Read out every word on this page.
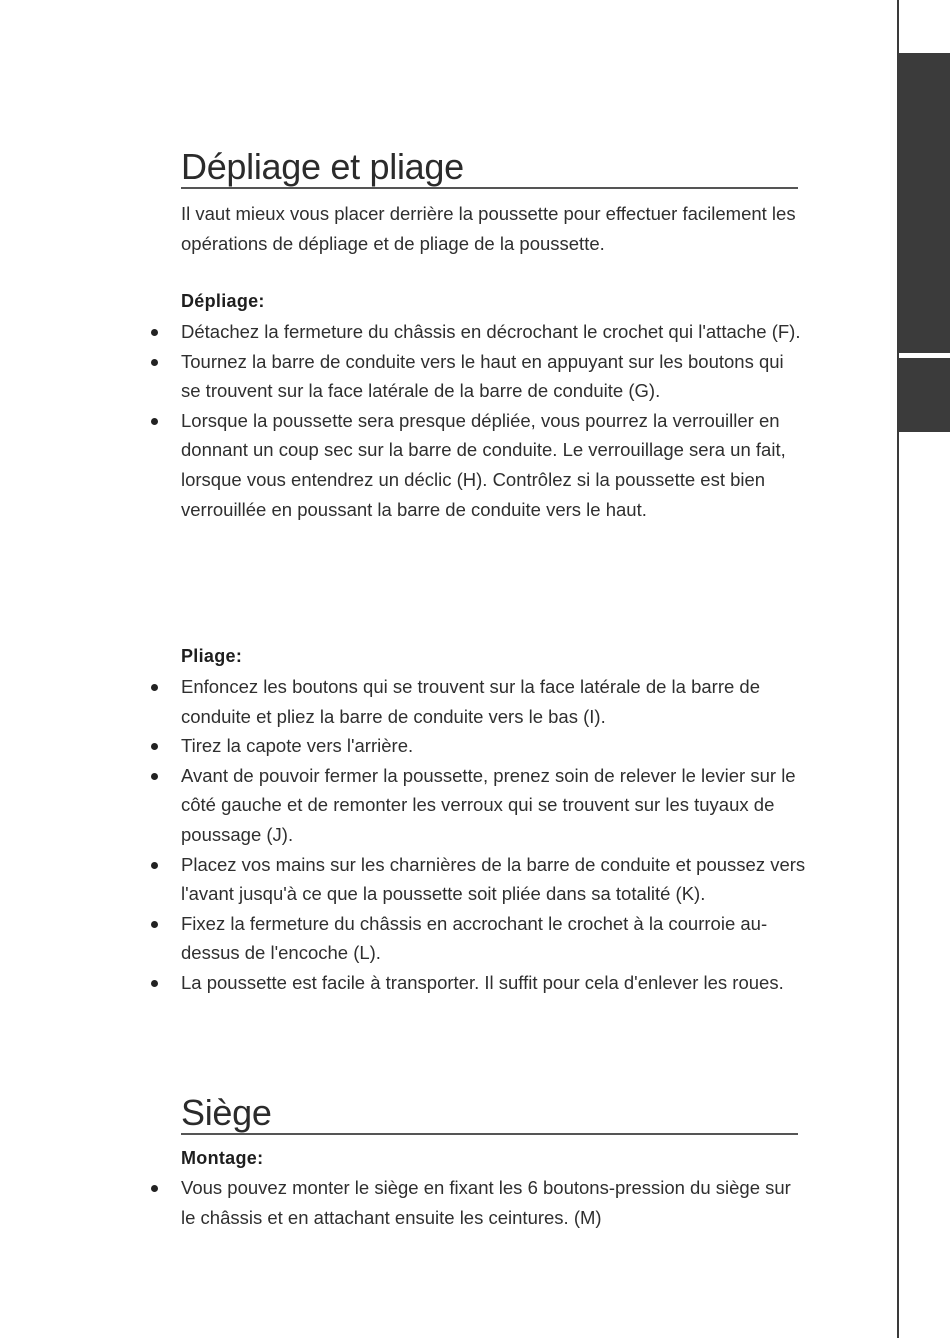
Dépliage et pliage

Il vaut mieux vous placer derrière la poussette pour effectuer facilement les opérations de dépliage et de pliage de la poussette.

Dépliage:
Détachez la fermeture du châssis en décrochant le crochet qui l'attache (F).
Tournez la barre de conduite vers le haut en appuyant sur les boutons qui se trouvent sur la face latérale de la barre de conduite (G).
Lorsque la poussette sera presque dépliée, vous pourrez la verrouiller en donnant un coup sec sur la barre de conduite. Le verrouillage sera un fait, lorsque vous entendrez un déclic (H). Contrôlez si la poussette est bien verrouillée en poussant la barre de conduite vers le haut.
Pliage:
Enfoncez les boutons qui se trouvent sur la face latérale de la barre de conduite et pliez la barre de conduite vers le bas (I).
Tirez la capote vers l'arrière.
Avant de pouvoir fermer la poussette, prenez soin de relever le levier sur le côté gauche et de remonter les verroux qui se trouvent sur les tuyaux de poussage (J).
Placez vos mains sur les charnières de la barre de conduite et poussez vers l'avant jusqu'à ce que la poussette soit pliée dans sa totalité (K).
Fixez la fermeture du châssis en accrochant le crochet à la courroie au-dessus de l'encoche (L).
La poussette est facile à transporter. Il suffit pour cela d'enlever les roues.
Siège
Montage:
Vous pouvez monter le siège en fixant les 6 boutons-pression du siège sur le châssis et en attachant ensuite les ceintures. (M)
